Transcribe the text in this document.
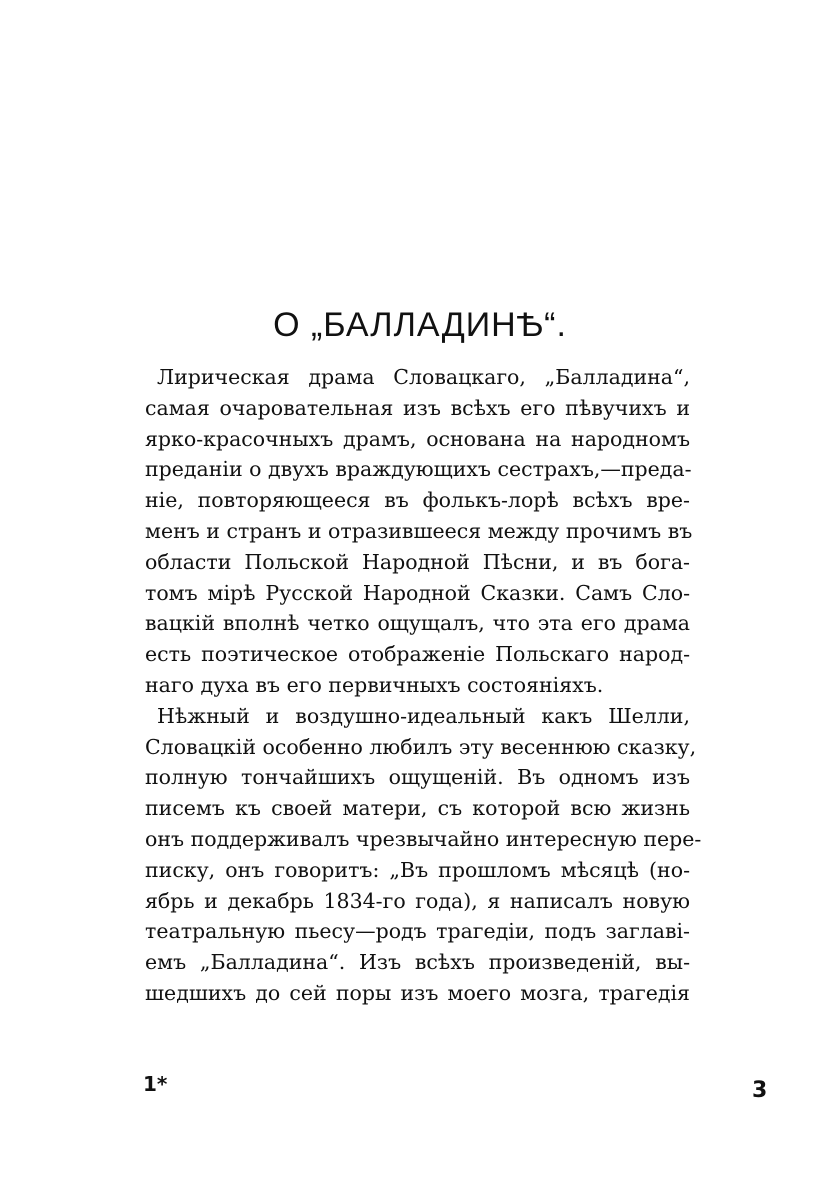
О „БАЛЛАДИНѢ“.
Лирическая драма Словацкаго, „Балладина“,
самая очаровательная изъ всѣхъ его пѣвучихъ и
ярко-красочныхъ драмъ, основана на народномъ
преданіи о двухъ враждующихъ сестрахъ,—преда-
ніе, повторяющееся въ фолькъ-лорѣ всѣхъ вре-
менъ и странъ и отразившееся между прочимъ въ
области Польской Народной Пѣсни, и въ бога-
томъ мірѣ Русской Народной Сказки. Самъ Сло-
вацкій вполнѣ четко ощущалъ, что эта его драма
есть поэтическое отображеніе Польскаго народ-
наго духа въ его первичныхъ состояніяхъ.
Нѣжный и воздушно-идеальный какъ Шелли,
Словацкій особенно любилъ эту весеннюю сказку,
полную тончайшихъ ощущеній. Въ одномъ изъ
писемъ къ своей матери, съ которой всю жизнь
онъ поддерживалъ чрезвычайно интересную пере-
писку, онъ говоритъ: „Въ прошломъ мѣсяцѣ (но-
ябрь и декабрь 1834-го года), я написалъ новую
театральную пьесу—родъ трагедіи, подъ заглаві-
емъ „Балладина“. Изъ всѣхъ произведеній, вы-
шедшихъ до сей поры изъ моего мозга, трагедія
1*	3
